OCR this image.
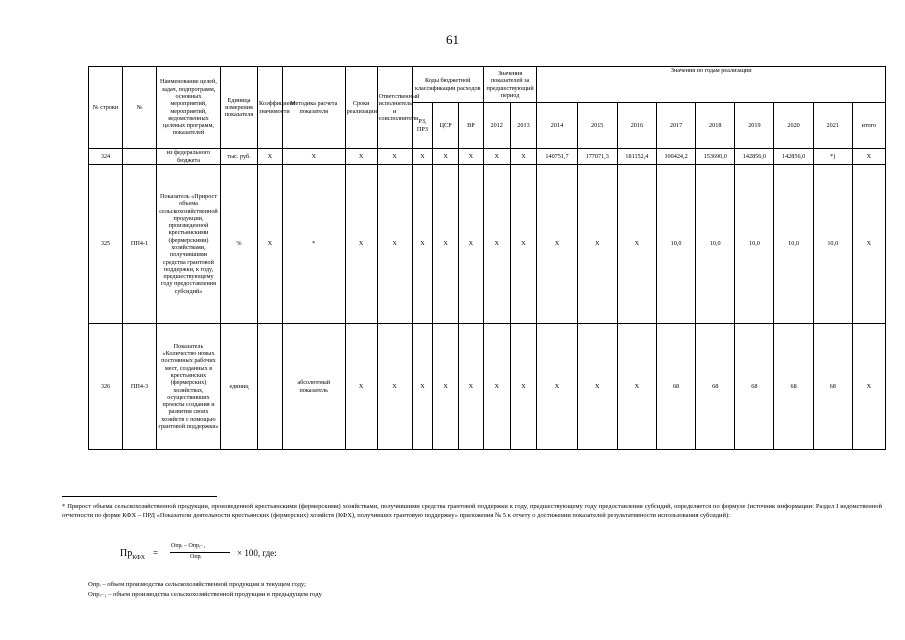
61
№ строки	№	Наименование целей, задач, подпрограмм, основных мероприятий, мероприятий, ведомственных целевых программ, показателей	Единица измерения показателя	Коэффициент значимости	Методика расчета показателя	Сроки реализации	Ответственный исполнитель и соисполнители	Коды бюджетной классификации расходов			Значения показателей за предшествующий период		Значения по годам реализации								
								РЗ, ПРЗ	ЦСР	ВР	2012	2013	2014	2015	2016	2017	2018	2019	2020	2021	итого
324		из федерального бюджета	тыс. руб.	Х	Х	Х	Х	Х	Х	Х	Х	Х	140751,7	177071,3	181152,4	100424,2	153690,0	142856,0	142856,0	*)	Х
325	ПП4-1	Показатель «Прирост объема сельскохозяйственной продукции, произведенной крестьянскими (фермерскими) хозяйствами, получившими средства грантовой поддержки, к году, предшествующему году предоставления субсидий»	%	Х	*	Х	Х	Х	Х	Х	Х	Х	Х	Х	Х	10,0	10,0	10,0	10,0	10,0	Х
326	ПП4-3	Показатель «Количество новых постоянных рабочих мест, созданных в крестьянских (фермерских) хозяйствах, осуществивших проекты создания и развития своих хозяйств с помощью грантовой поддержки»	единиц		абсолютный показатель	Х	Х	Х	Х	Х	Х	Х	Х	Х	Х	68	68	68	68	68	Х
* Прирост объема сельскохозяйственной продукции, произведенной крестьянскими (фермерскими) хозяйствами, получившими средства грантовой поддержки к году, предшествующему году предоставления субсидий, определяется по формуле (источник информации: Раздел I ведомственной отчетности по форме КФХ – ПРД «Показатели деятельности крестьянских (фермерских) хозяйств (КФХ), получивших грантовую поддержку» приложения № 5 к отчету о достижении показателей результативности использования субсидий):
$Пр_{КФХ}$ =
Опрᵢ – Опрᵢ₋₁
Опрᵢ	× 100, где:
Опрᵢ – объем производства сельскохозяйственной продукции в текущем году;
Опрᵢ₋₁ – объем производства сельскохозяйственной продукции в предыдущем году
